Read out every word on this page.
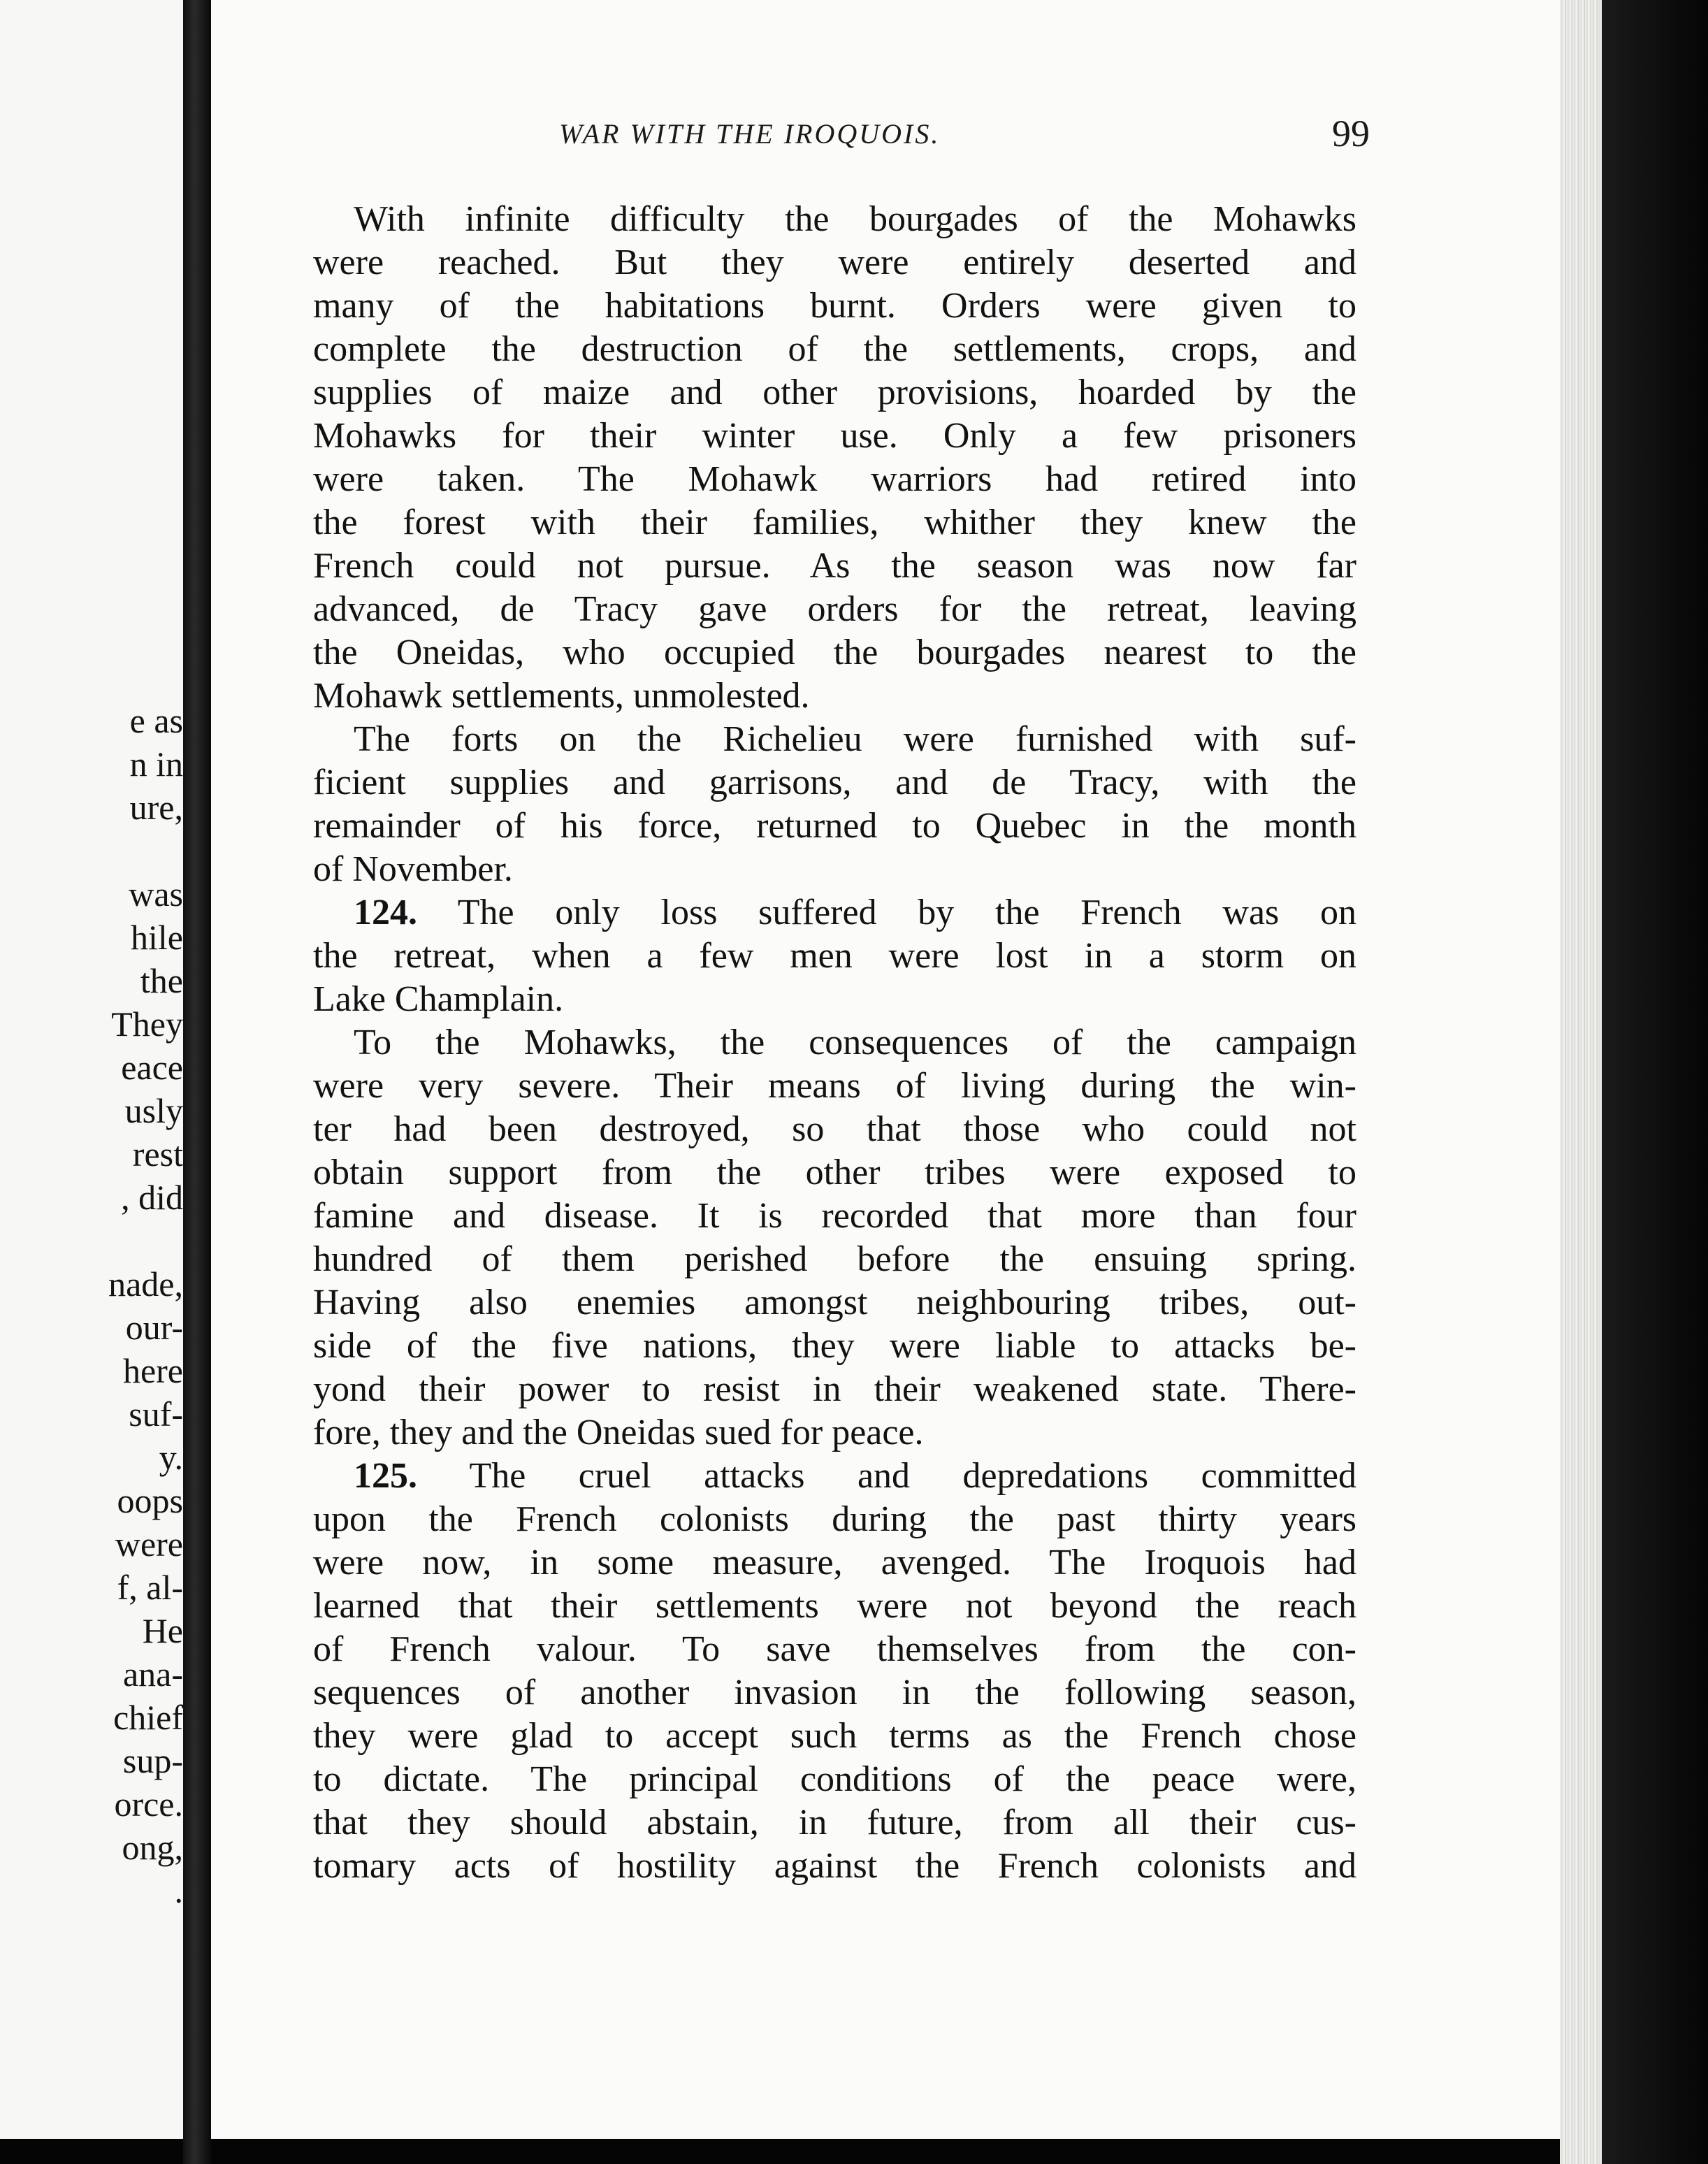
e as
n in
ure,

was
hile
the
They
eace
usly
rest
, did

nade,
our-
here
suf-
y.
oops
were
f, al-
He
ana-
chief
sup-
orce.
ong,
.
WAR WITH THE IROQUOIS.	99
With infinite difficulty the bourgades of the Mohawks
were reached. But they were entirely deserted and
many of the habitations burnt. Orders were given to
complete the destruction of the settlements, crops, and
supplies of maize and other provisions, hoarded by the
Mohawks for their winter use. Only a few prisoners
were taken. The Mohawk warriors had retired into
the forest with their families, whither they knew the
French could not pursue. As the season was now far
advanced, de Tracy gave orders for the retreat, leaving
the Oneidas, who occupied the bourgades nearest to the
Mohawk settlements, unmolested.
The forts on the Richelieu were furnished with suf-
ficient supplies and garrisons, and de Tracy, with the
remainder of his force, returned to Quebec in the month
of November.
124. The only loss suffered by the French was on
the retreat, when a few men were lost in a storm on
Lake Champlain.
To the Mohawks, the consequences of the campaign
were very severe. Their means of living during the win-
ter had been destroyed, so that those who could not
obtain support from the other tribes were exposed to
famine and disease. It is recorded that more than four
hundred of them perished before the ensuing spring.
Having also enemies amongst neighbouring tribes, out-
side of the five nations, they were liable to attacks be-
yond their power to resist in their weakened state. There-
fore, they and the Oneidas sued for peace.
125. The cruel attacks and depredations committed
upon the French colonists during the past thirty years
were now, in some measure, avenged. The Iroquois had
learned that their settlements were not beyond the reach
of French valour. To save themselves from the con-
sequences of another invasion in the following season,
they were glad to accept such terms as the French chose
to dictate. The principal conditions of the peace were,
that they should abstain, in future, from all their cus-
tomary acts of hostility against the French colonists and
